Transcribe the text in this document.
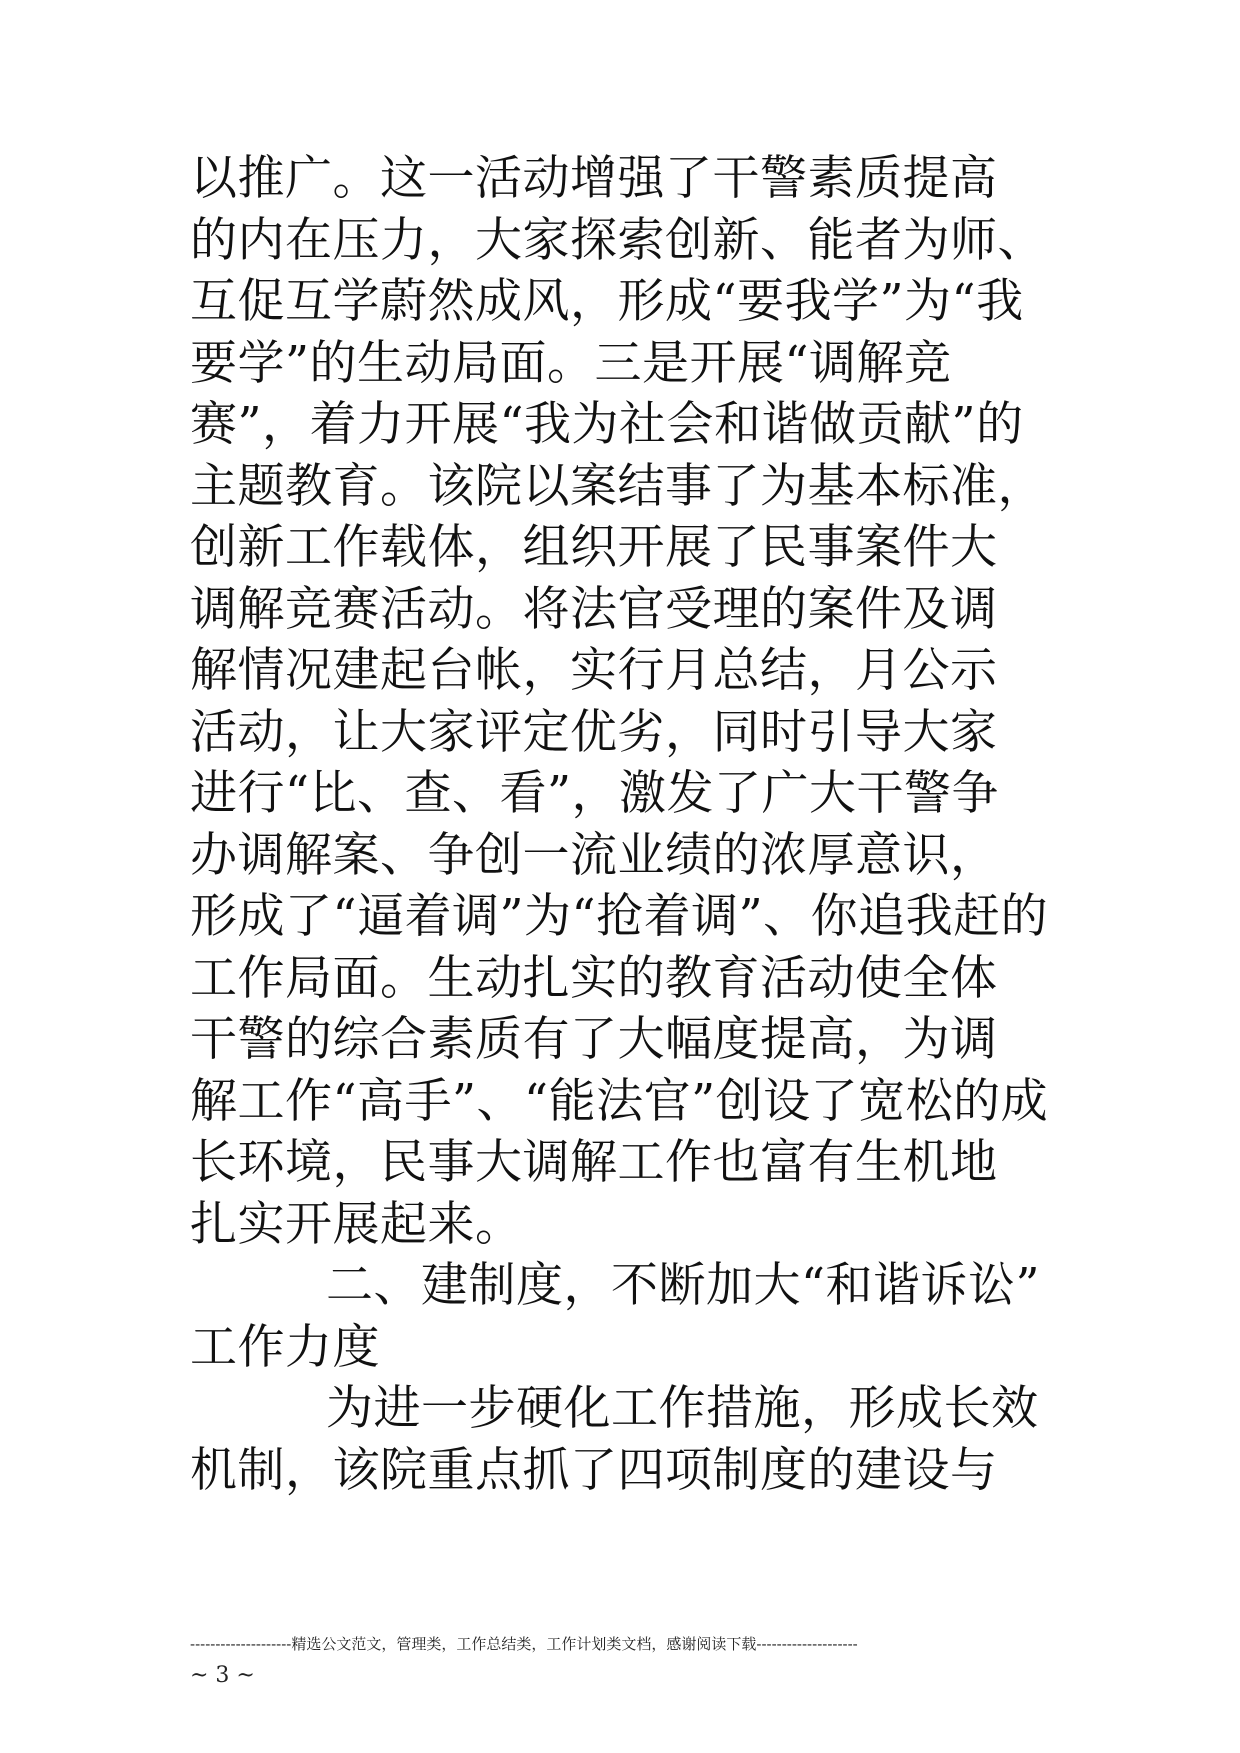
以推广。这一活动增强了干警素质提高
的内在压力，大家探索创新、能者为师、
互促互学蔚然成风，形成“要我学”为“我
要学”的生动局面。三是开展“调解竞
赛”，着力开展“我为社会和谐做贡献”的
主题教育。该院以案结事了为基本标准，
创新工作载体，组织开展了民事案件大
调解竞赛活动。将法官受理的案件及调
解情况建起台帐，实行月总结，月公示
活动，让大家评定优劣，同时引导大家
进行“比、查、看”，激发了广大干警争
办调解案、争创一流业绩的浓厚意识，
形成了“逼着调”为“抢着调”、你追我赶的
工作局面。生动扎实的教育活动使全体
干警的综合素质有了大幅度提高，为调
解工作“高手”、“能法官”创设了宽松的成
长环境，民事大调解工作也富有生机地
扎实开展起来。
二、建制度，不断加大“和谐诉讼”
工作力度
为进一步硬化工作措施，形成长效
机制，该院重点抓了四项制度的建设与
--------------------精选公文范文，管理类，工作总结类，工作计划类文档，感谢阅读下载--------------------
~ 3 ~
